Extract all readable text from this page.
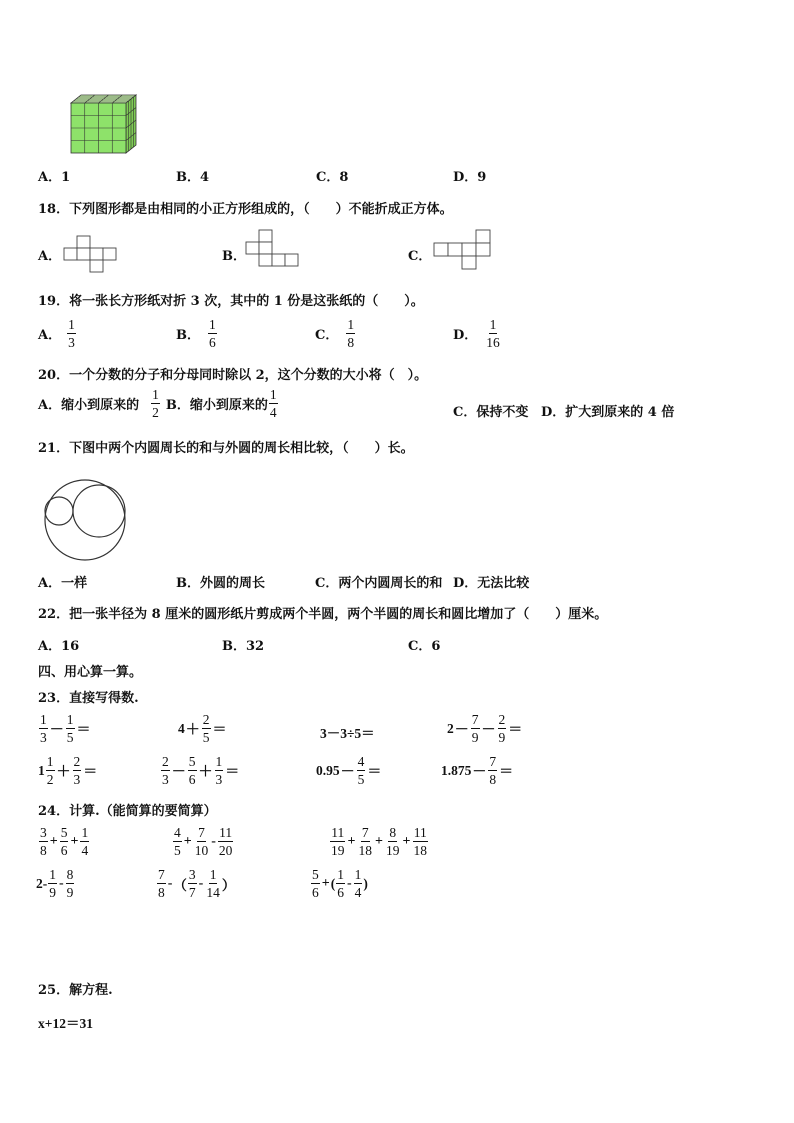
A．1	B．4	C．8	D．9
18．下列图形都是由相同的小正方形组成的，（　　）不能折成正方体。
A．	B．	C．
19．将一张长方形纸对折 3 次，其中的 1 份是这张纸的（　　）。
A． $\frac{1}{3}$	B． $\frac{1}{6}$	C． $\frac{1}{8}$	D． $\frac{1}{16}$
20．一个分数的分子和分母同时除以 2，这个分数的大小将（　）。
A．缩小到原来的 $\frac{1}{2}$ B．缩小到原来的 $\frac{1}{4}$	C．保持不变 D．扩大到原来的 4 倍
21．下图中两个内圆周长的和与外圆的周长相比较，（　　）长。
A．一样	B．外圆的周长	C．两个内圆周长的和 D．无法比较
22．把一张半径为 8 厘米的圆形纸片剪成两个半圆，两个半圆的周长和圆比增加了（　　）厘米。
A．16	B．32	C．6
四、用心算一算。
23．直接写得数.
$\frac{1}{3} - \frac{1}{5}$ ＝	$4 + \frac{2}{5}$ ＝	3－3÷5＝	$2 - \frac{7}{9} - \frac{2}{9}$ ＝
$1 \frac{1}{2} + \frac{2}{3}$ ＝	$\frac{2}{3} - \frac{5}{6} + \frac{1}{3}$ ＝	$0.95 - \frac{4}{5}$ ＝	$1.875 - \frac{7}{8}$ ＝
24．计算.（能简算的要简算）
$\frac{3}{8} + \frac{5}{6} + \frac{1}{4}$	$\frac{4}{5} + \frac{7}{10} - \frac{11}{20}$	$\frac{11}{19} + \frac{7}{18} + \frac{8}{19} + \frac{11}{18}$
$2- \frac{1}{9} - \frac{8}{9}$	$\frac{7}{8}$ - （ $\frac{3}{7} - \frac{1}{14}$ ）	$\frac{5}{6}$ + ( $\frac{1}{6} - \frac{1}{4}$ )
25．解方程.
x+12＝31
